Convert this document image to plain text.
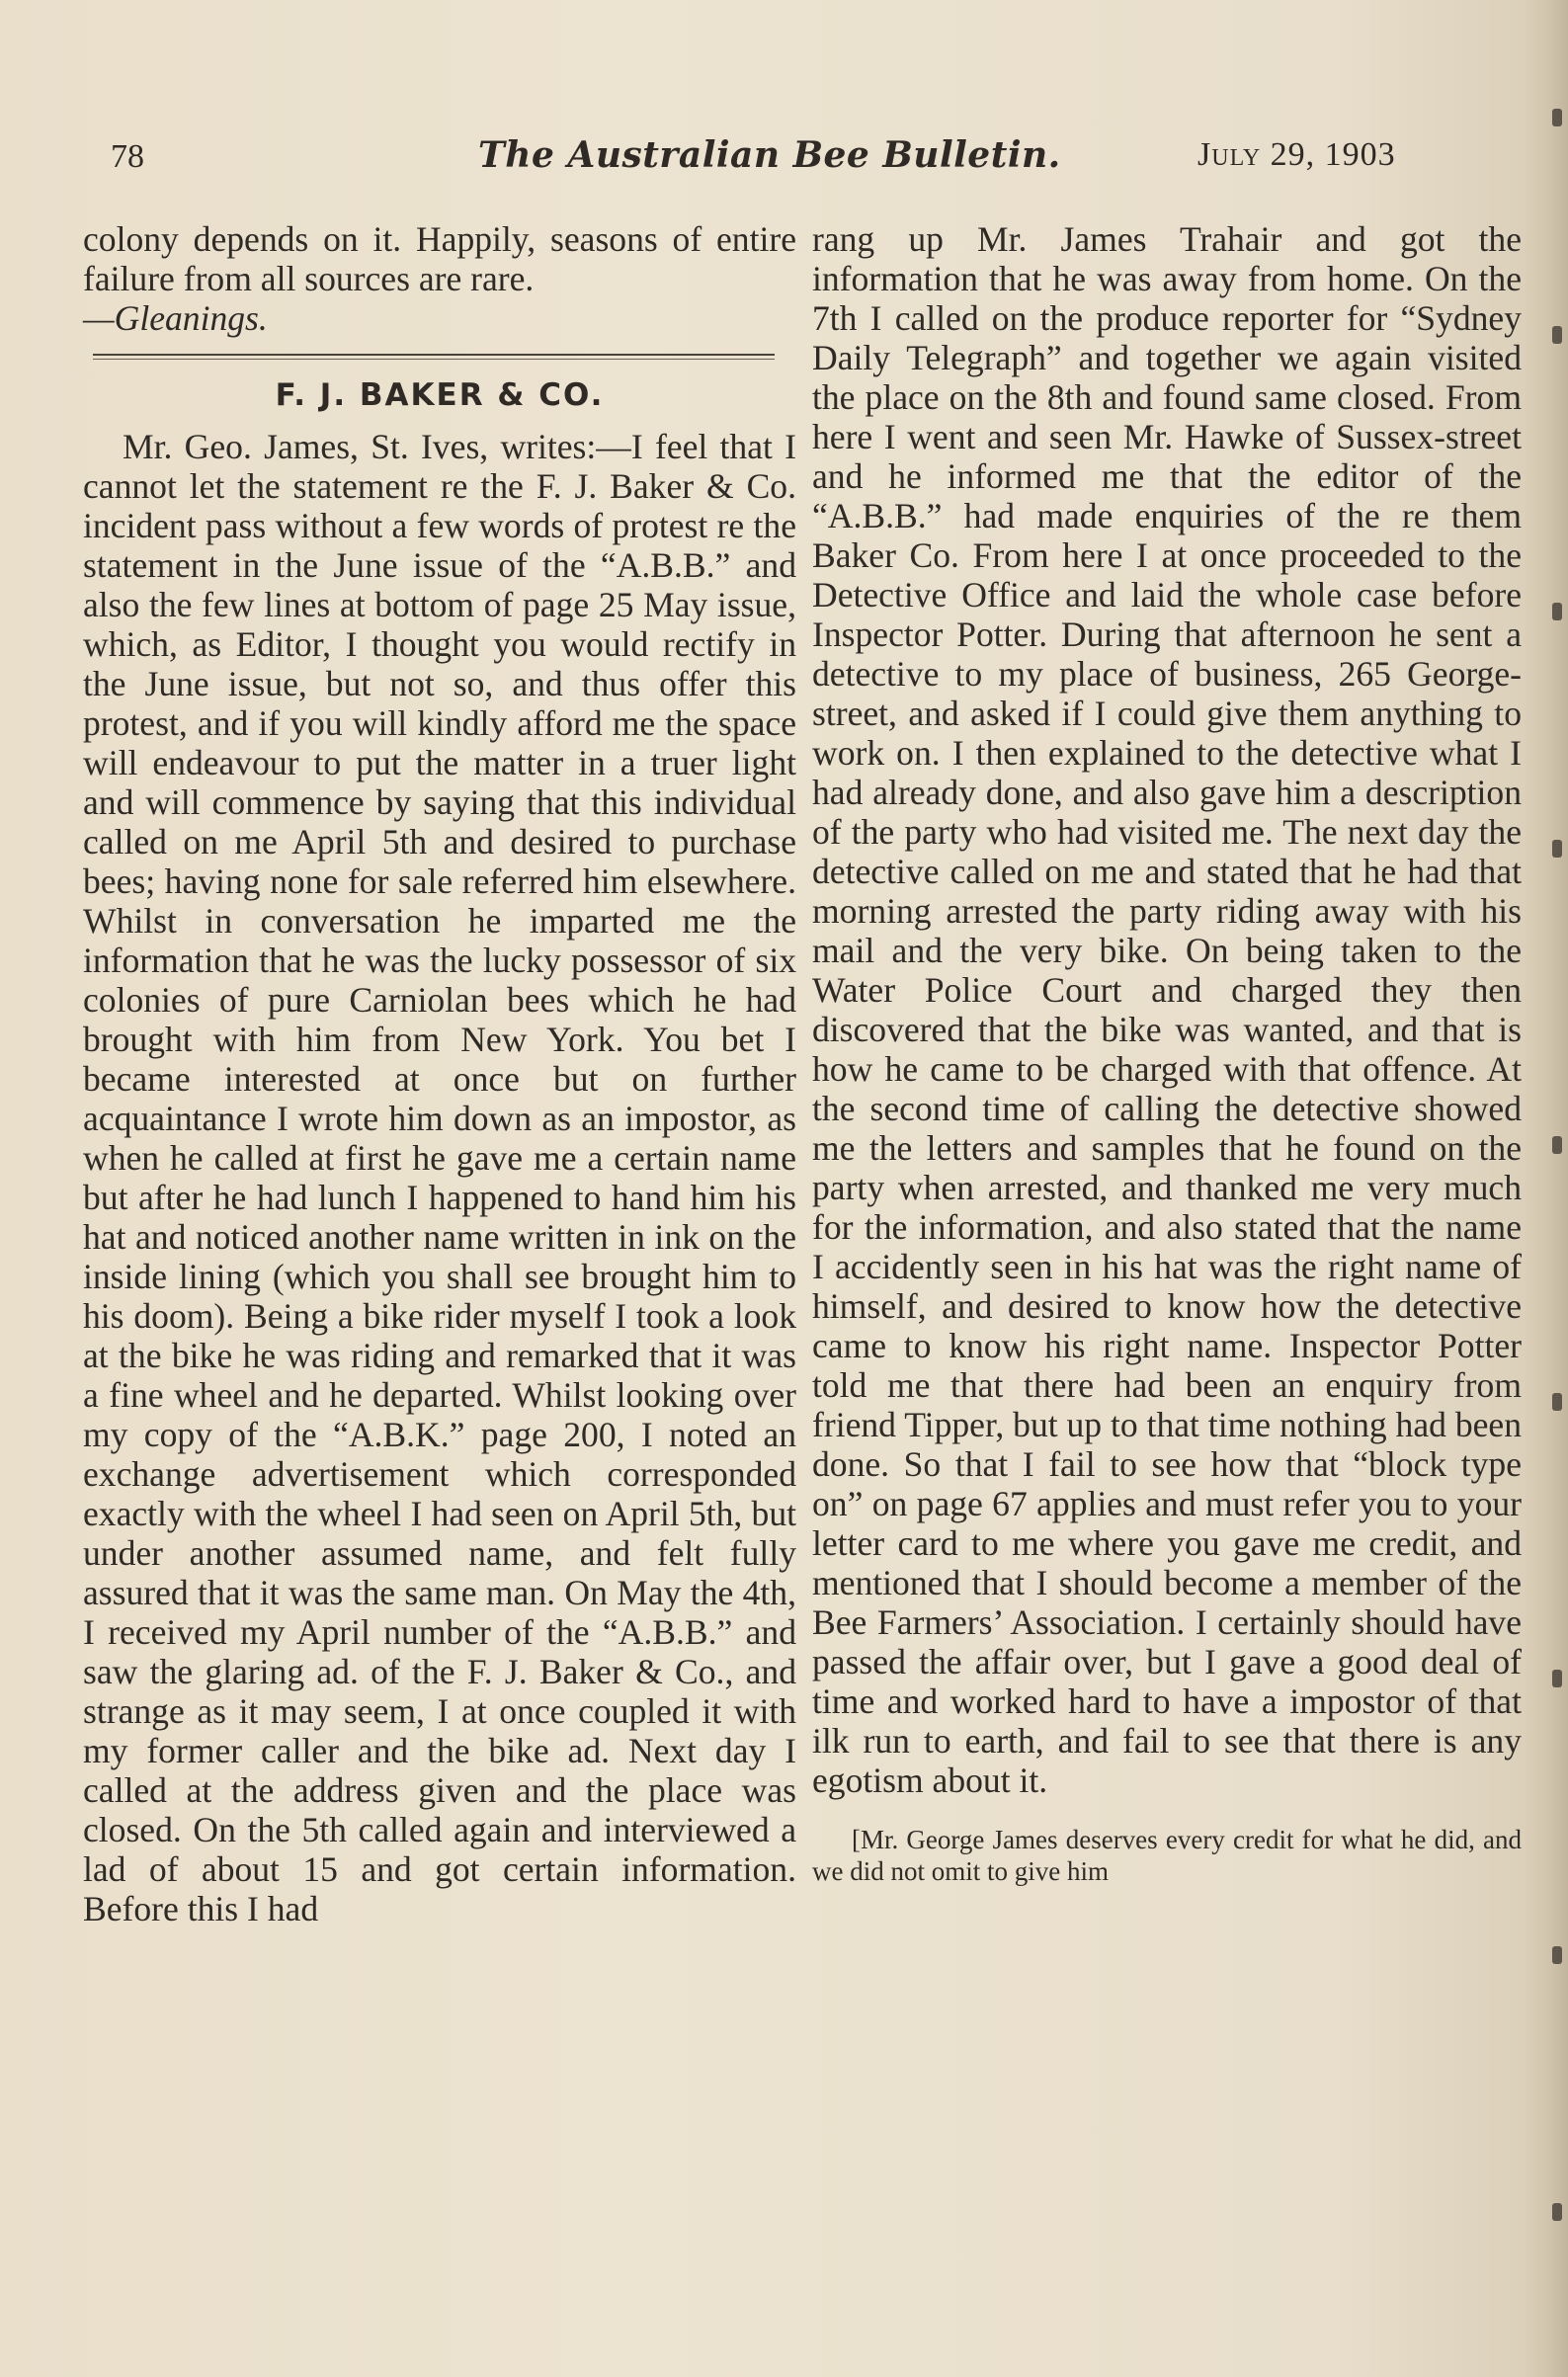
78	The Australian Bee Bulletin.	July 29, 1903

colony depends on it. Happily, seasons of entire failure from all sources are rare.

—Gleanings.

F. J. BAKER & CO.

Mr. Geo. James, St. Ives, writes:—I feel that I cannot let the statement re the F. J. Baker & Co. incident pass without a few words of protest re the statement in the June issue of the “A.B.B.” and also the few lines at bottom of page 25 May issue, which, as Editor, I thought you would rectify in the June issue, but not so, and thus offer this protest, and if you will kindly afford me the space will endeavour to put the matter in a truer light and will commence by saying that this individual called on me April 5th and desired to purchase bees; having none for sale referred him elsewhere. Whilst in conversation he imparted me the information that he was the lucky possessor of six colonies of pure Carniolan bees which he had brought with him from New York. You bet I became interested at once but on further acquaintance I wrote him down as an impostor, as when he called at first he gave me a certain name but after he had lunch I happened to hand him his hat and noticed another name written in ink on the inside lining (which you shall see brought him to his doom). Being a bike rider myself I took a look at the bike he was riding and remarked that it was a fine wheel and he departed. Whilst looking over my copy of the “A.B.K.” page 200, I noted an exchange advertisement which corresponded exactly with the wheel I had seen on April 5th, but under another assumed name, and felt fully assured that it was the same man. On May the 4th, I received my April number of the “A.B.B.” and saw the glaring ad. of the F. J. Baker & Co., and strange as it may seem, I at once coupled it with my former caller and the bike ad. Next day I called at the address given and the place was closed. On the 5th called again and interviewed a lad of about 15 and got certain information. Before this I had

rang up Mr. James Trahair and got the information that he was away from home. On the 7th I called on the produce reporter for “Sydney Daily Telegraph” and together we again visited the place on the 8th and found same closed. From here I went and seen Mr. Hawke of Sussex-street and he informed me that the editor of the “A.B.B.” had made enquiries of the re them Baker Co. From here I at once proceeded to the Detective Office and laid the whole case before Inspector Potter. During that afternoon he sent a detective to my place of business, 265 George-street, and asked if I could give them anything to work on. I then explained to the detective what I had already done, and also gave him a description of the party who had visited me. The next day the detective called on me and stated that he had that morning arrested the party riding away with his mail and the very bike. On being taken to the Water Police Court and charged they then discovered that the bike was wanted, and that is how he came to be charged with that offence. At the second time of calling the detective showed me the letters and samples that he found on the party when arrested, and thanked me very much for the information, and also stated that the name I accidently seen in his hat was the right name of himself, and desired to know how the detective came to know his right name. Inspector Potter told me that there had been an enquiry from friend Tipper, but up to that time nothing had been done. So that I fail to see how that “block type on” on page 67 applies and must refer you to your letter card to me where you gave me credit, and mentioned that I should become a member of the Bee Farmers’ Association. I certainly should have passed the affair over, but I gave a good deal of time and worked hard to have a impostor of that ilk run to earth, and fail to see that there is any egotism about it.

[Mr. George James deserves every credit for what he did, and we did not omit to give him
